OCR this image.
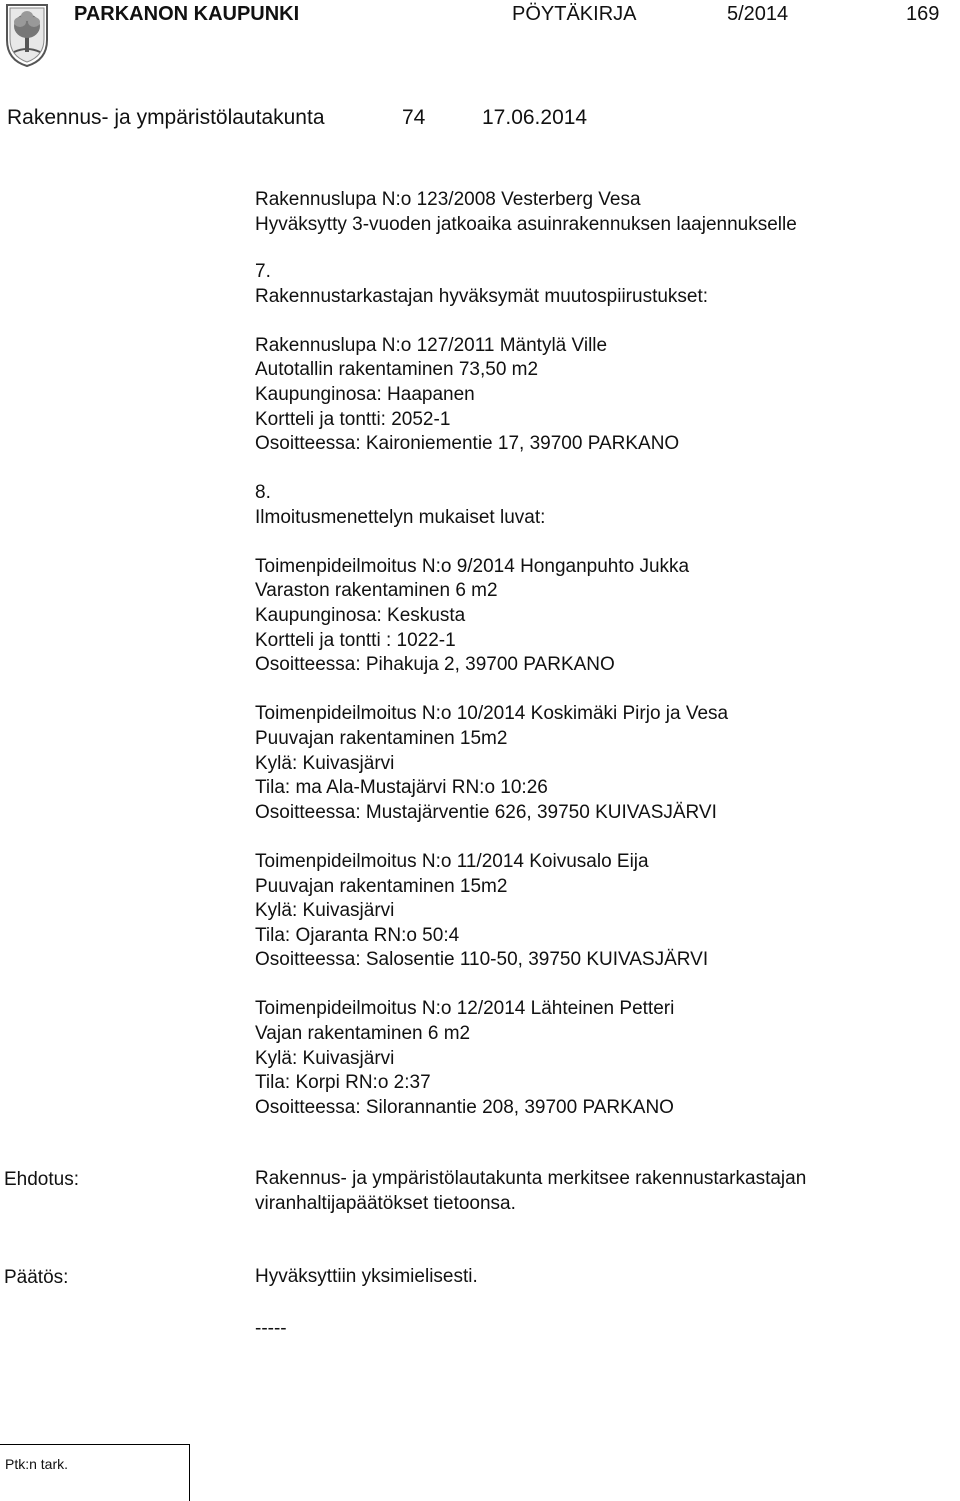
PARKANON KAUPUNKI	PÖYTÄKIRJA	5/2014	169
Rakennus- ja ympäristölautakunta	74	17.06.2014
Rakennuslupa N:o 123/2008 Vesterberg Vesa
Hyväksytty 3-vuoden jatkoaika asuinrakennuksen laajennukselle
7.
Rakennustarkastajan hyväksymät muutospiirustukset:

Rakennuslupa N:o 127/2011 Mäntylä Ville
Autotallin rakentaminen 73,50 m2
Kaupunginosa: Haapanen
Kortteli ja tontti: 2052-1
Osoitteessa: Kaironiementie 17, 39700 PARKANO
8.
Ilmoitusmenettelyn mukaiset luvat:

Toimenpideilmoitus N:o 9/2014 Honganpuhto Jukka
Varaston rakentaminen 6 m2
Kaupunginosa: Keskusta
Kortteli ja tontti : 1022-1
Osoitteessa: Pihakuja 2, 39700 PARKANO

Toimenpideilmoitus N:o 10/2014 Koskimäki Pirjo ja Vesa
Puuvajan rakentaminen 15m2
Kylä: Kuivasjärvi
Tila: ma Ala-Mustajärvi RN:o 10:26
Osoitteessa: Mustajärventie 626, 39750 KUIVASJÄRVI

Toimenpideilmoitus N:o 11/2014 Koivusalo Eija
Puuvajan rakentaminen 15m2
Kylä: Kuivasjärvi
Tila: Ojaranta RN:o 50:4
Osoitteessa: Salosentie 110-50, 39750 KUIVASJÄRVI

Toimenpideilmoitus N:o 12/2014 Lähteinen Petteri
Vajan rakentaminen 6 m2
Kylä: Kuivasjärvi
Tila: Korpi RN:o 2:37
Osoitteessa: Silorannantie 208, 39700 PARKANO
Ehdotus:	Rakennus- ja ympäristölautakunta merkitsee rakennustarkastajan
viranhaltijapäätökset tietoonsa.
Päätös:	Hyväksyttiin yksimielisesti.
-----
Ptk:n tark.
